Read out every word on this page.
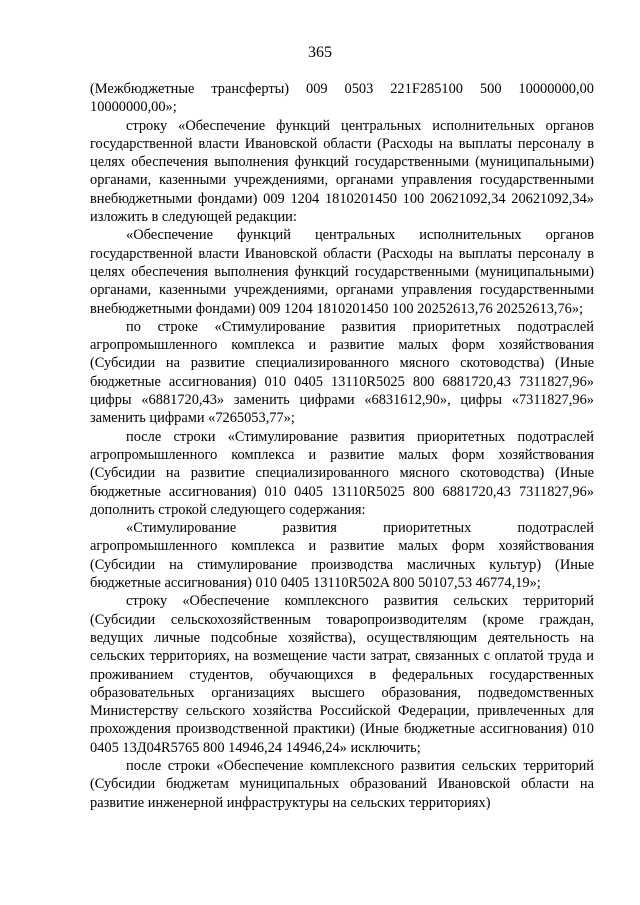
365

(Межбюджетные трансферты) 009 0503 221F285100 500 10000000,00 10000000,00»;

строку «Обеспечение функций центральных исполнительных органов государственной власти Ивановской области (Расходы на выплаты персоналу в целях обеспечения выполнения функций государственными (муниципальными) органами, казенными учреждениями, органами управления государственными внебюджетными фондами) 009 1204 1810201450 100 20621092,34 20621092,34» изложить в следующей редакции:

«Обеспечение функций центральных исполнительных органов государственной власти Ивановской области (Расходы на выплаты персоналу в целях обеспечения выполнения функций государственными (муниципальными) органами, казенными учреждениями, органами управления государственными внебюджетными фондами) 009 1204 1810201450 100 20252613,76 20252613,76»;

по строке «Стимулирование развития приоритетных подотраслей агропромышленного комплекса и развитие малых форм хозяйствования (Субсидии на развитие специализированного мясного скотоводства) (Иные бюджетные ассигнования) 010 0405 13110R5025 800 6881720,43 7311827,96» цифры «6881720,43» заменить цифрами «6831612,90», цифры «7311827,96» заменить цифрами «7265053,77»;

после строки «Стимулирование развития приоритетных подотраслей агропромышленного комплекса и развитие малых форм хозяйствования (Субсидии на развитие специализированного мясного скотоводства) (Иные бюджетные ассигнования) 010 0405 13110R5025 800 6881720,43 7311827,96» дополнить строкой следующего содержания:

«Стимулирование развития приоритетных подотраслей агропромышленного комплекса и развитие малых форм хозяйствования (Субсидии на стимулирование производства масличных культур) (Иные бюджетные ассигнования) 010 0405 13110R502A 800 50107,53 46774,19»;

строку «Обеспечение комплексного развития сельских территорий (Субсидии сельскохозяйственным товаропроизводителям (кроме граждан, ведущих личные подсобные хозяйства), осуществляющим деятельность на сельских территориях, на возмещение части затрат, связанных с оплатой труда и проживанием студентов, обучающихся в федеральных государственных образовательных организациях высшего образования, подведомственных Министерству сельского хозяйства Российской Федерации, привлеченных для прохождения производственной практики) (Иные бюджетные ассигнования) 010 0405 13Д04R5765 800 14946,24 14946,24» исключить;

после строки «Обеспечение комплексного развития сельских территорий (Субсидии бюджетам муниципальных образований Ивановской области на развитие инженерной инфраструктуры на сельских территориях)
